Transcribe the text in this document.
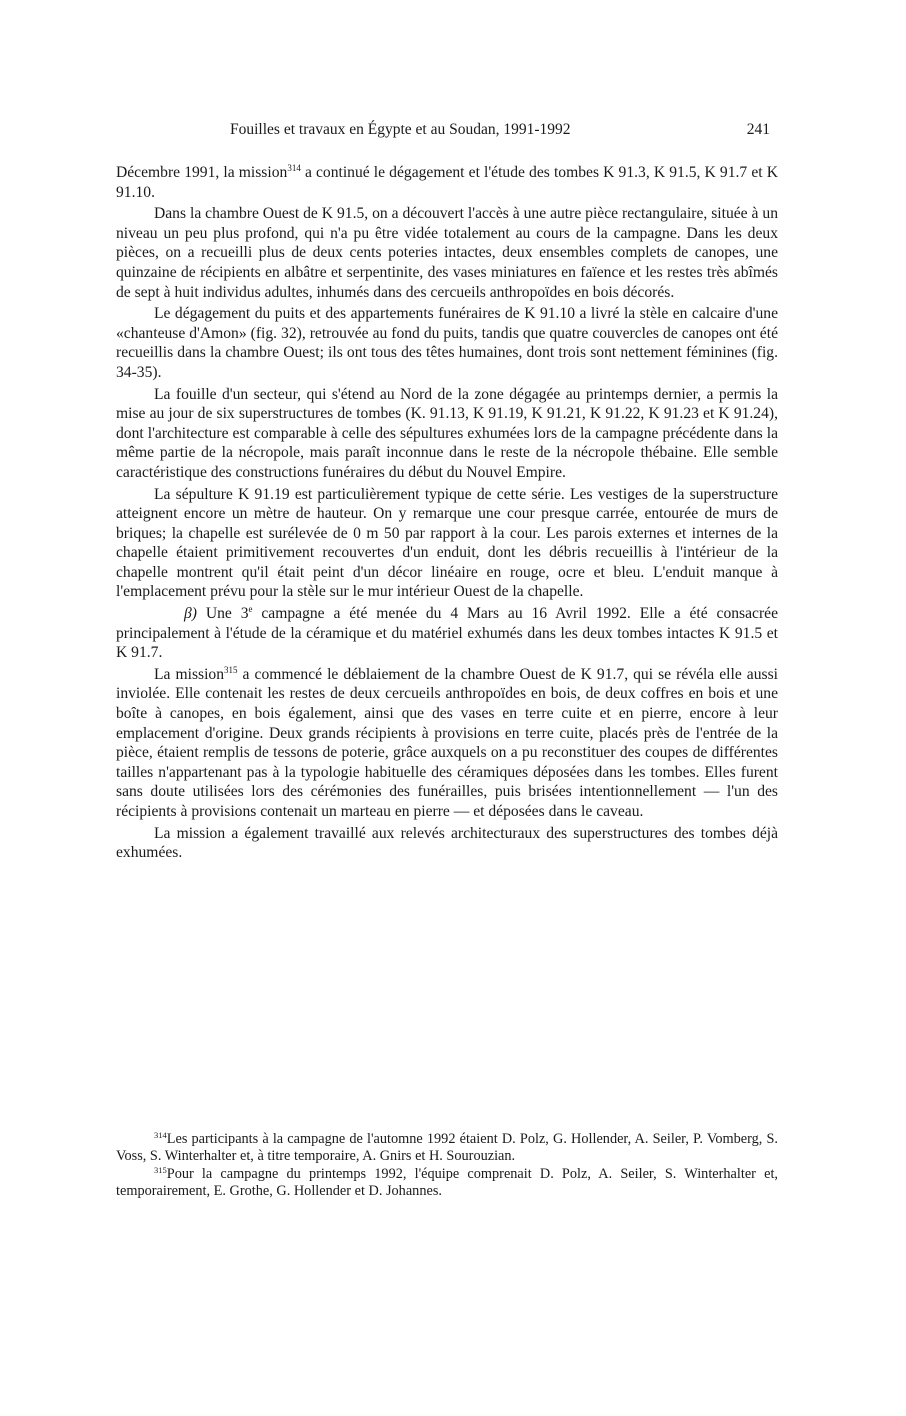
Fouilles et travaux en Égypte et au Soudan, 1991-1992	241

Décembre 1991, la mission$^{314}$ a continué le dégagement et l'étude des tombes K 91.3, K 91.5, K 91.7 et K 91.10.

Dans la chambre Ouest de K 91.5, on a découvert l'accès à une autre pièce rectangulaire, située à un niveau un peu plus profond, qui n'a pu être vidée totalement au cours de la campagne. Dans les deux pièces, on a recueilli plus de deux cents poteries intactes, deux ensembles complets de canopes, une quinzaine de récipients en albâtre et serpentinite, des vases miniatures en faïence et les restes très abîmés de sept à huit individus adultes, inhumés dans des cercueils anthropoïdes en bois décorés.

Le dégagement du puits et des appartements funéraires de K 91.10 a livré la stèle en calcaire d'une «chanteuse d'Amon» (fig. 32), retrouvée au fond du puits, tandis que quatre couvercles de canopes ont été recueillis dans la chambre Ouest; ils ont tous des têtes humaines, dont trois sont nettement féminines (fig. 34-35).

La fouille d'un secteur, qui s'étend au Nord de la zone dégagée au printemps dernier, a permis la mise au jour de six superstructures de tombes (K. 91.13, K 91.19, K 91.21, K 91.22, K 91.23 et K 91.24), dont l'architecture est comparable à celle des sépultures exhumées lors de la campagne précédente dans la même partie de la nécropole, mais paraît inconnue dans le reste de la nécropole thébaine. Elle semble caractéristique des constructions funéraires du début du Nouvel Empire.

La sépulture K 91.19 est particulièrement typique de cette série. Les vestiges de la superstructure atteignent encore un mètre de hauteur. On y remarque une cour presque carrée, entourée de murs de briques; la chapelle est surélevée de 0 m 50 par rapport à la cour. Les parois externes et internes de la chapelle étaient primitivement recouvertes d'un enduit, dont les débris recueillis à l'intérieur de la chapelle montrent qu'il était peint d'un décor linéaire en rouge, ocre et bleu. L'enduit manque à l'emplacement prévu pour la stèle sur le mur intérieur Ouest de la chapelle.

β) Une 3e campagne a été menée du 4 Mars au 16 Avril 1992. Elle a été consacrée principalement à l'étude de la céramique et du matériel exhumés dans les deux tombes intactes K 91.5 et K 91.7.

La mission$^{315}$ a commencé le déblaiement de la chambre Ouest de K 91.7, qui se révéla elle aussi inviolée. Elle contenait les restes de deux cercueils anthropoïdes en bois, de deux coffres en bois et une boîte à canopes, en bois également, ainsi que des vases en terre cuite et en pierre, encore à leur emplacement d'origine. Deux grands récipients à provisions en terre cuite, placés près de l'entrée de la pièce, étaient remplis de tessons de poterie, grâce auxquels on a pu reconstituer des coupes de différentes tailles n'appartenant pas à la typologie habituelle des céramiques déposées dans les tombes. Elles furent sans doute utilisées lors des cérémonies des funérailles, puis brisées intentionnellement — l'un des récipients à provisions contenait un marteau en pierre — et déposées dans le caveau.

La mission a également travaillé aux relevés architecturaux des superstructures des tombes déjà exhumées.

$^{314}$Les participants à la campagne de l'automne 1992 étaient D. Polz, G. Hollender, A. Seiler, P. Vomberg, S. Voss, S. Winterhalter et, à titre temporaire, A. Gnirs et H. Sourouzian.

$^{315}$Pour la campagne du printemps 1992, l'équipe comprenait D. Polz, A. Seiler, S. Winterhalter et, temporairement, E. Grothe, G. Hollender et D. Johannes.
